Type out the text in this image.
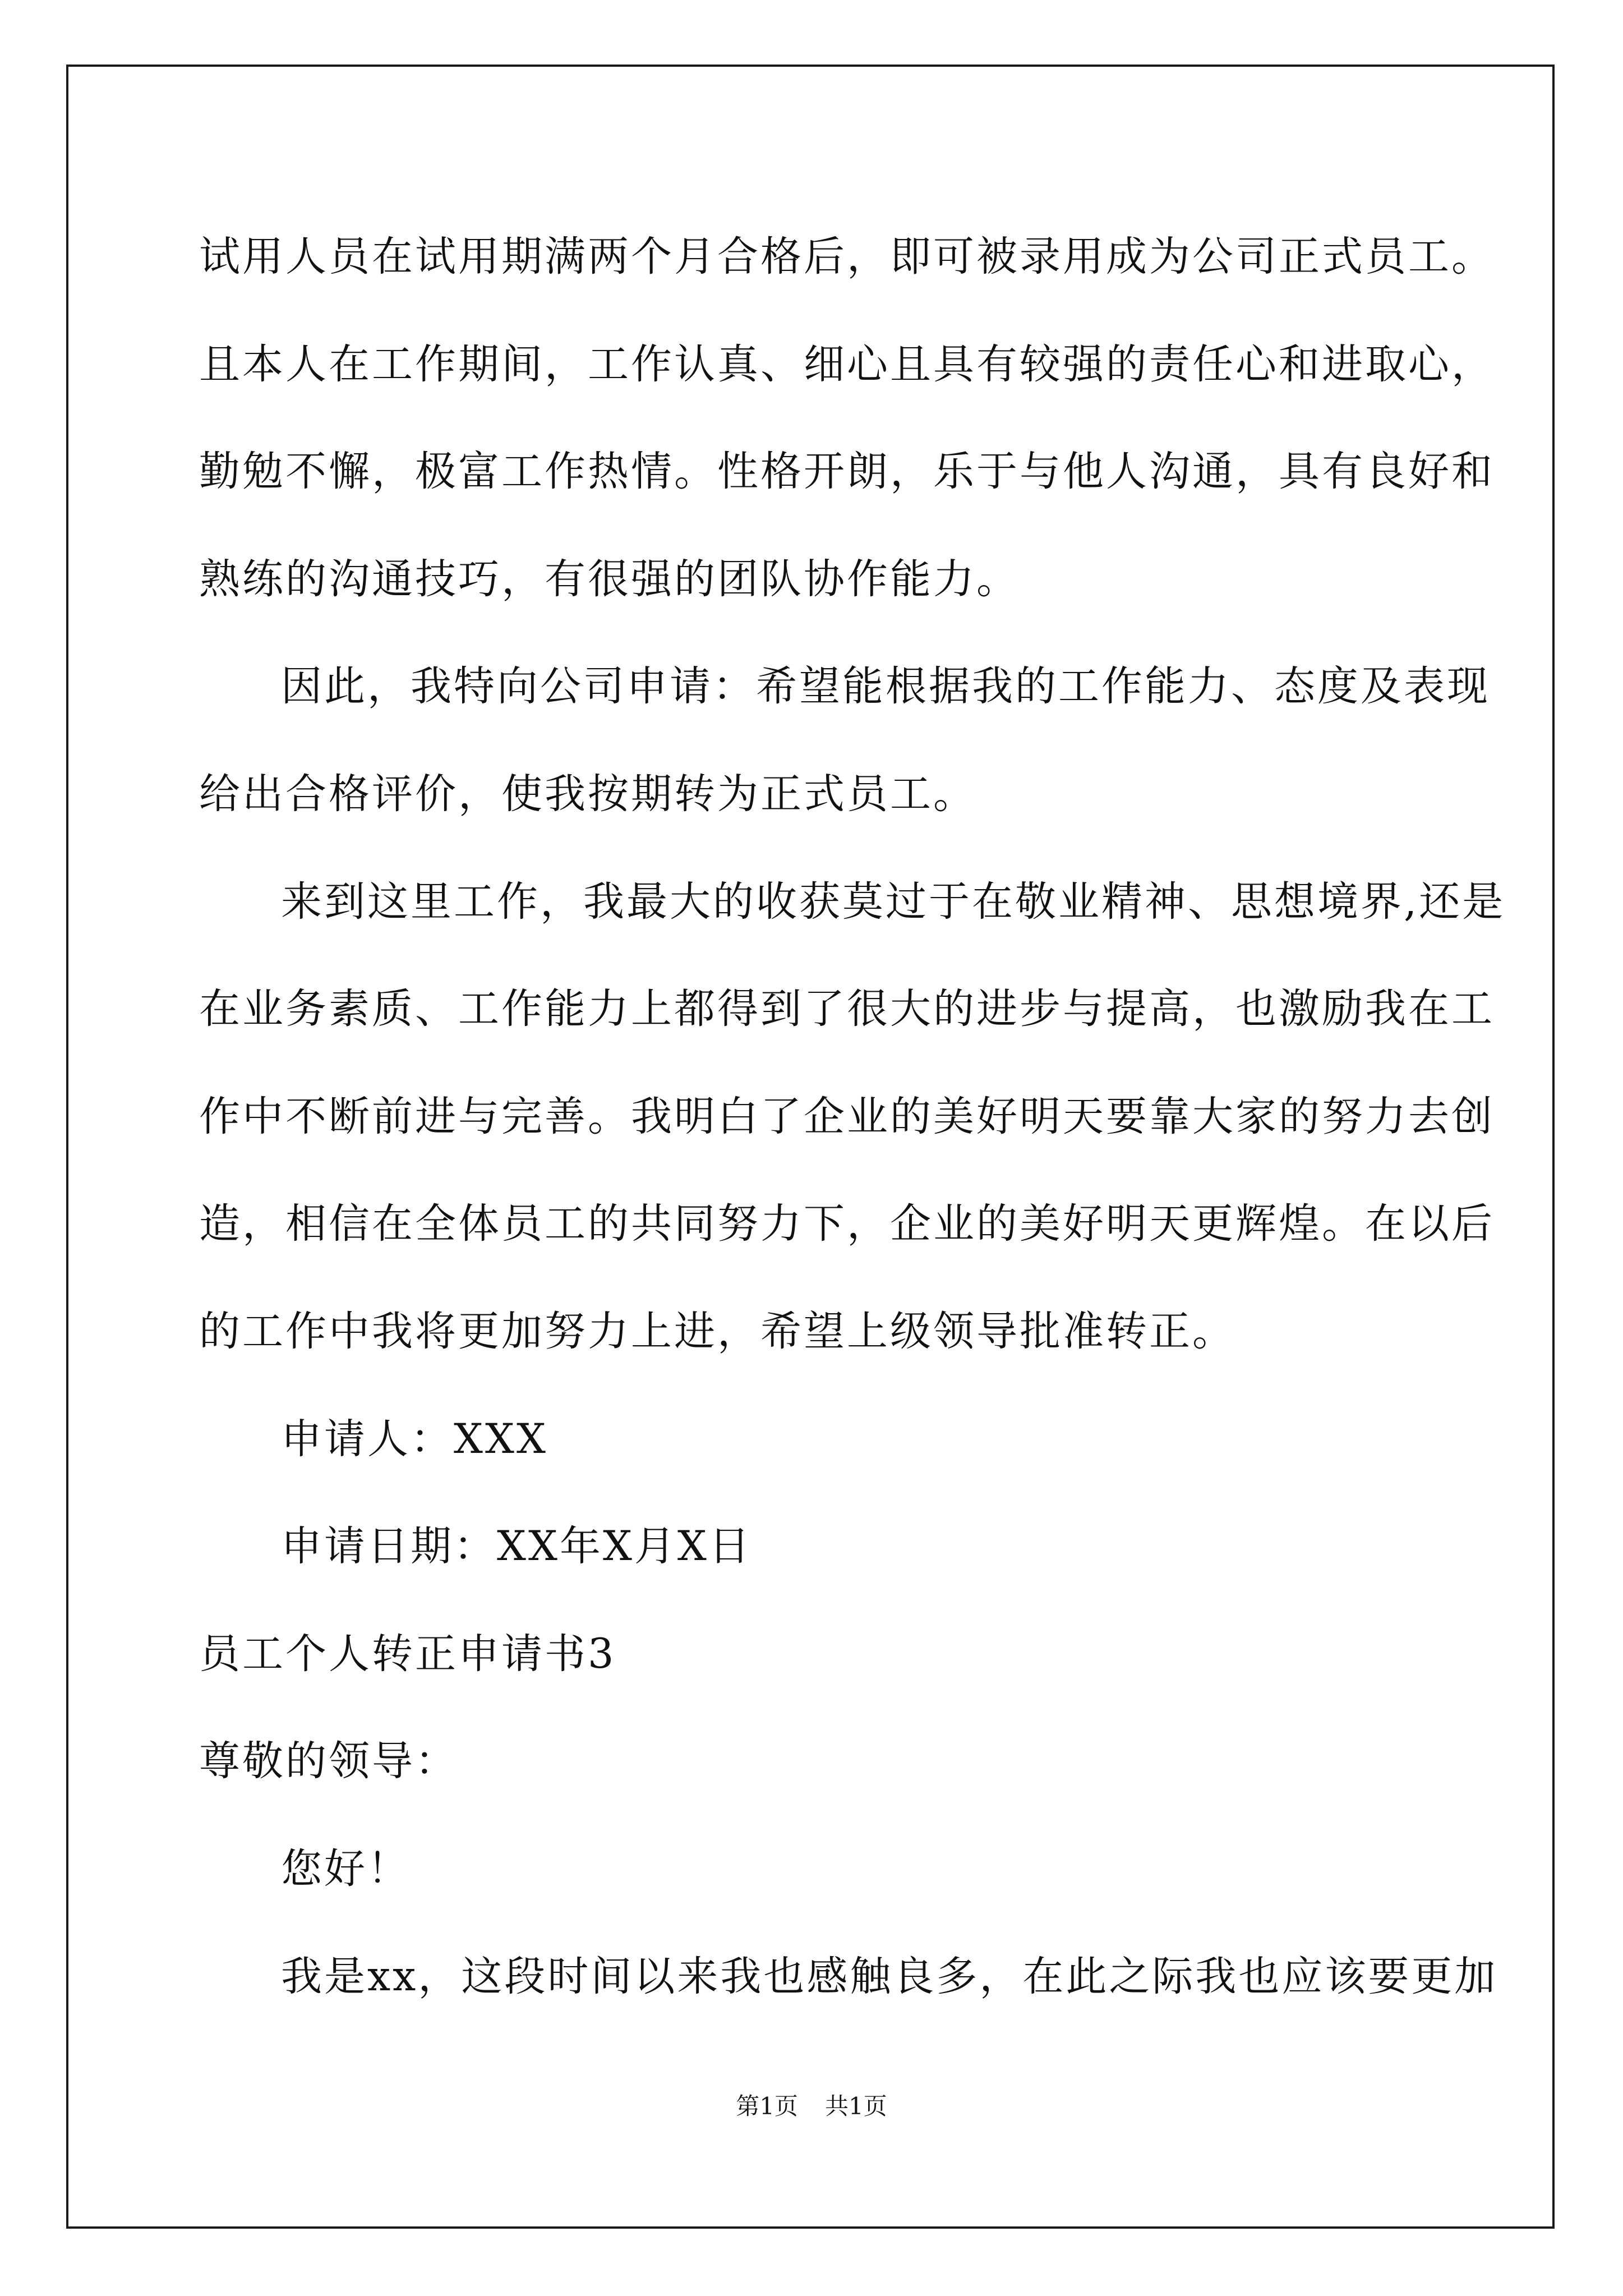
试用人员在试用期满两个月合格后，即可被录用成为公司正式员工。

且本人在工作期间，工作认真、细心且具有较强的责任心和进取心，

勤勉不懈，极富工作热情。性格开朗，乐于与他人沟通，具有良好和

熟练的沟通技巧，有很强的团队协作能力。

因此，我特向公司申请：希望能根据我的工作能力、态度及表现

给出合格评价，使我按期转为正式员工。

来到这里工作，我最大的收获莫过于在敬业精神、思想境界,还是

在业务素质、工作能力上都得到了很大的进步与提高，也激励我在工

作中不断前进与完善。我明白了企业的美好明天要靠大家的努力去创

造，相信在全体员工的共同努力下，企业的美好明天更辉煌。在以后

的工作中我将更加努力上进，希望上级领导批准转正。

申请人：XXX

申请日期：XX年X月X日

员工个人转正申请书3

尊敬的领导：

您好！

我是xx，这段时间以来我也感触良多，在此之际我也应该要更加

第1页 共1页
